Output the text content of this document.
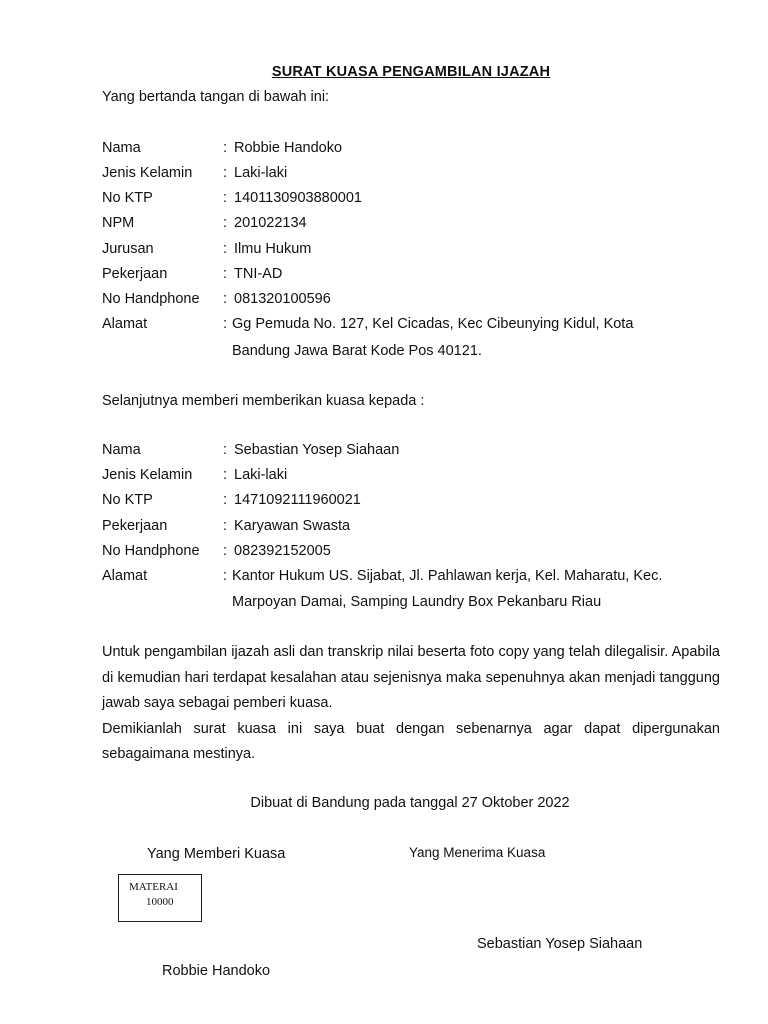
SURAT KUASA PENGAMBILAN IJAZAH
Yang bertanda tangan di bawah ini:
Nama	: Robbie Handoko
Jenis Kelamin : Laki-laki
No KTP	: 1401130903880001
NPM	: 201022134
Jurusan	: Ilmu Hukum
Pekerjaan	: TNI-AD
No Handphone : 081320100596
Alamat	: Gg Pemuda No. 127, Kel Cicadas, Kec Cibeunying Kidul, Kota
Bandung Jawa Barat Kode Pos 40121.
Selanjutnya memberi memberikan kuasa kepada :
Nama	: Sebastian Yosep Siahaan
Jenis Kelamin : Laki-laki
No KTP	: 1471092111960021
Pekerjaan	: Karyawan Swasta
No Handphone : 082392152005
Alamat	: Kantor Hukum US. Sijabat, Jl. Pahlawan kerja, Kel. Maharatu, Kec.
Marpoyan Damai, Samping Laundry Box Pekanbaru Riau

Untuk pengambilan ijazah asli dan transkrip nilai beserta foto copy yang telah dilegalisir. Apabila di kemudian hari terdapat kesalahan atau sejenisnya maka sepenuhnya akan menjadi tanggung jawab saya sebagai pemberi kuasa.

Demikianlah surat kuasa ini saya buat dengan sebenarnya agar dapat dipergunakan sebagaimana mestinya.

Dibuat di Bandung pada tanggal 27 Oktober 2022
Yang Memberi Kuasa	Yang Menerima Kuasa
MATERAI
10000
Sebastian Yosep Siahaan
Robbie Handoko
